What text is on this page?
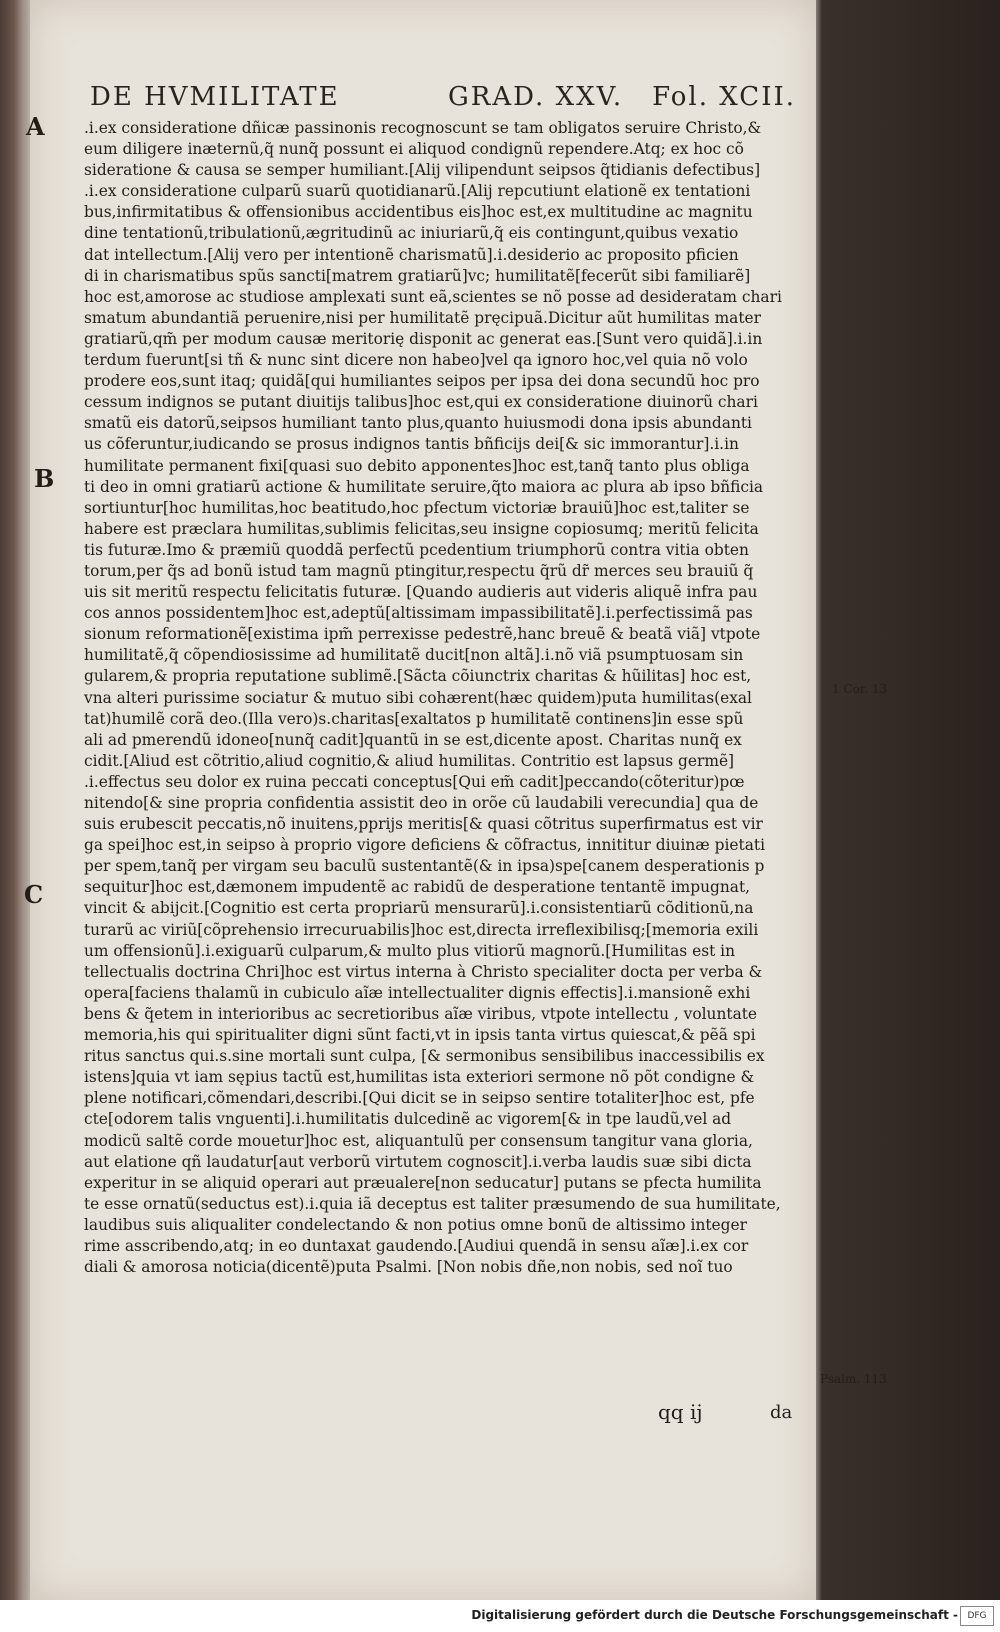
DE HVMILITATE	GRAD. XXV. Fol. XCII.
A
B
C
.i.ex consideratione dñicæ passinonis recognoscunt se tam obligatos seruire Christo,&
eum diligere inæternũ,q̃ nunq̃ possunt ei aliquod condignũ rependere.Atq; ex hoc cõ
sideratione & causa se semper humiliant.[Alij vilipendunt seipsos q̃tidianis defectibus]
.i.ex consideratione culparũ suarũ quotidianarũ.[Alij repcutiunt elationẽ ex tentationi
bus,infirmitatibus & offensionibus accidentibus eis]hoc est,ex multitudine ac magnitu
dine tentationũ,tribulationũ,ægritudinũ ac iniuriarũ,q̃ eis contingunt,quibus vexatio
dat intellectum.[Alij vero per intentionẽ charismatũ].i.desiderio ac proposito pficien
di in charismatibus spũs sancti[matrem gratiarũ]vc; humilitatẽ[fecerũt sibi familiarẽ]
hoc est,amorose ac studiose amplexati sunt eã,scientes se nõ posse ad desideratam chari
smatum abundantiã peruenire,nisi per humilitatẽ pręcipuã.Dicitur aũt humilitas mater
gratiarũ,qm̃ per modum causæ meritorię disponit ac generat eas.[Sunt vero quidã].i.in
terdum fuerunt[si tñ & nunc sint dicere non habeo]vel qa ignoro hoc,vel quia nõ volo
prodere eos,sunt itaq; quidã[qui humiliantes seipos per ipsa dei dona secundũ hoc pro
cessum indignos se putant diuitijs talibus]hoc est,qui ex consideratione diuinorũ chari
smatũ eis datorũ,seipsos humiliant tanto plus,quanto huiusmodi dona ipsis abundanti
us cõferuntur,iudicando se prosus indignos tantis bñficijs dei[& sic immorantur].i.in
humilitate permanent fixi[quasi suo debito apponentes]hoc est,tanq̃ tanto plus obliga
ti deo in omni gratiarũ actione & humilitate seruire,q̃to maiora ac plura ab ipso bñficia
sortiuntur[hoc humilitas,hoc beatitudo,hoc pfectum victoriæ brauiũ]hoc est,taliter se
habere est præclara humilitas,sublimis felicitas,seu insigne copiosumq; meritũ felicita
tis futuræ.Imo & præmiũ quoddã perfectũ pcedentium triumphorũ contra vitia obten
torum,per q̃s ad bonũ istud tam magnũ ptingitur,respectu q̃rũ dr̃ merces seu brauiũ q̃
uis sit meritũ respectu felicitatis futuræ. [Quando audieris aut videris aliquẽ infra pau
cos annos possidentem]hoc est,adeptũ[altissimam impassibilitatẽ].i.perfectissimã pas
sionum reformationẽ[existima ipm̃ perrexisse pedestrẽ,hanc breuẽ & beatã viã] vtpote
humilitatẽ,q̃ cõpendiosissime ad humilitatẽ ducit[non altã].i.nõ viã psumptuosam sin
gularem,& propria reputatione sublimẽ.[Sãcta cõiunctrix charitas & hũilitas] hoc est,
vna alteri purissime sociatur & mutuo sibi cohærent(hæc quidem)puta humilitas(exal
tat)humilẽ corã deo.(Illa vero)s.charitas[exaltatos p humilitatẽ continens]in esse spũ
ali ad pmerendũ idoneo[nunq̃ cadit]quantũ in se est,dicente apost. Charitas nunq̃ ex
cidit.[Aliud est cõtritio,aliud cognitio,& aliud humilitas. Contritio est lapsus germẽ]
.i.effectus seu dolor ex ruina peccati conceptus[Qui em̃ cadit]peccando(cõteritur)pœ
nitendo[& sine propria confidentia assistit deo in orõe cũ laudabili verecundia] qua de
suis erubescit peccatis,nõ inuitens,pprijs meritis[& quasi cõtritus superfirmatus est vir
ga spei]hoc est,in seipso à proprio vigore deficiens & cõfractus, innititur diuinæ pietati
per spem,tanq̃ per virgam seu baculũ sustentantẽ(& in ipsa)spe[canem desperationis p
sequitur]hoc est,dæmonem impudentẽ ac rabidũ de desperatione tentantẽ impugnat,
vincit & abijcit.[Cognitio est certa propriarũ mensurarũ].i.consistentiarũ cõditionũ,na
turarũ ac viriũ[cõprehensio irrecuruabilis]hoc est,directa irreflexibilisq;[memoria exili
um offensionũ].i.exiguarũ culparum,& multo plus vitiorũ magnorũ.[Humilitas est in
tellectualis doctrina Chri]hoc est virtus interna à Christo specialiter docta per verba &
opera[faciens thalamũ in cubiculo aĩæ intellectualiter dignis effectis].i.mansionẽ exhi
bens & q̃etem in interioribus ac secretioribus aĩæ viribus, vtpote intellectu , voluntate
memoria,his qui spiritualiter digni sũnt facti,vt in ipsis tanta virtus quiescat,& pẽã spi
ritus sanctus qui.s.sine mortali sunt culpa, [& sermonibus sensibilibus inaccessibilis ex
istens]quia vt iam sępius tactũ est,humilitas ista exteriori sermone nõ põt condigne &
plene notificari,cõmendari,describi.[Qui dicit se in seipso sentire totaliter]hoc est, pfe
cte[odorem talis vnguenti].i.humilitatis dulcedinẽ ac vigorem[& in tpe laudũ,vel ad
modicũ saltẽ corde mouetur]hoc est, aliquantulũ per consensum tangitur vana gloria,
aut elatione qñ laudatur[aut verborũ virtutem cognoscit].i.verba laudis suæ sibi dicta
experitur in se aliquid operari aut præualere[non seducatur] putans se pfecta humilita
te esse ornatũ(seductus est).i.quia iã deceptus est taliter præsumendo de sua humilitate,
laudibus suis aliqualiter condelectando & non potius omne bonũ de altissimo integer
rime asscribendo,atq; in eo duntaxat gaudendo.[Audiui quendã in sensu aĩæ].i.ex cor
diali & amorosa noticia(dicentẽ)puta Psalmi. [Non nobis dñe,non nobis, sed noĩ tuo
qq ij	da
1 Cor. 13
Psalm. 113
Digitalisierung gefördert durch die Deutsche Forschungsgemeinschaft -	DFG
